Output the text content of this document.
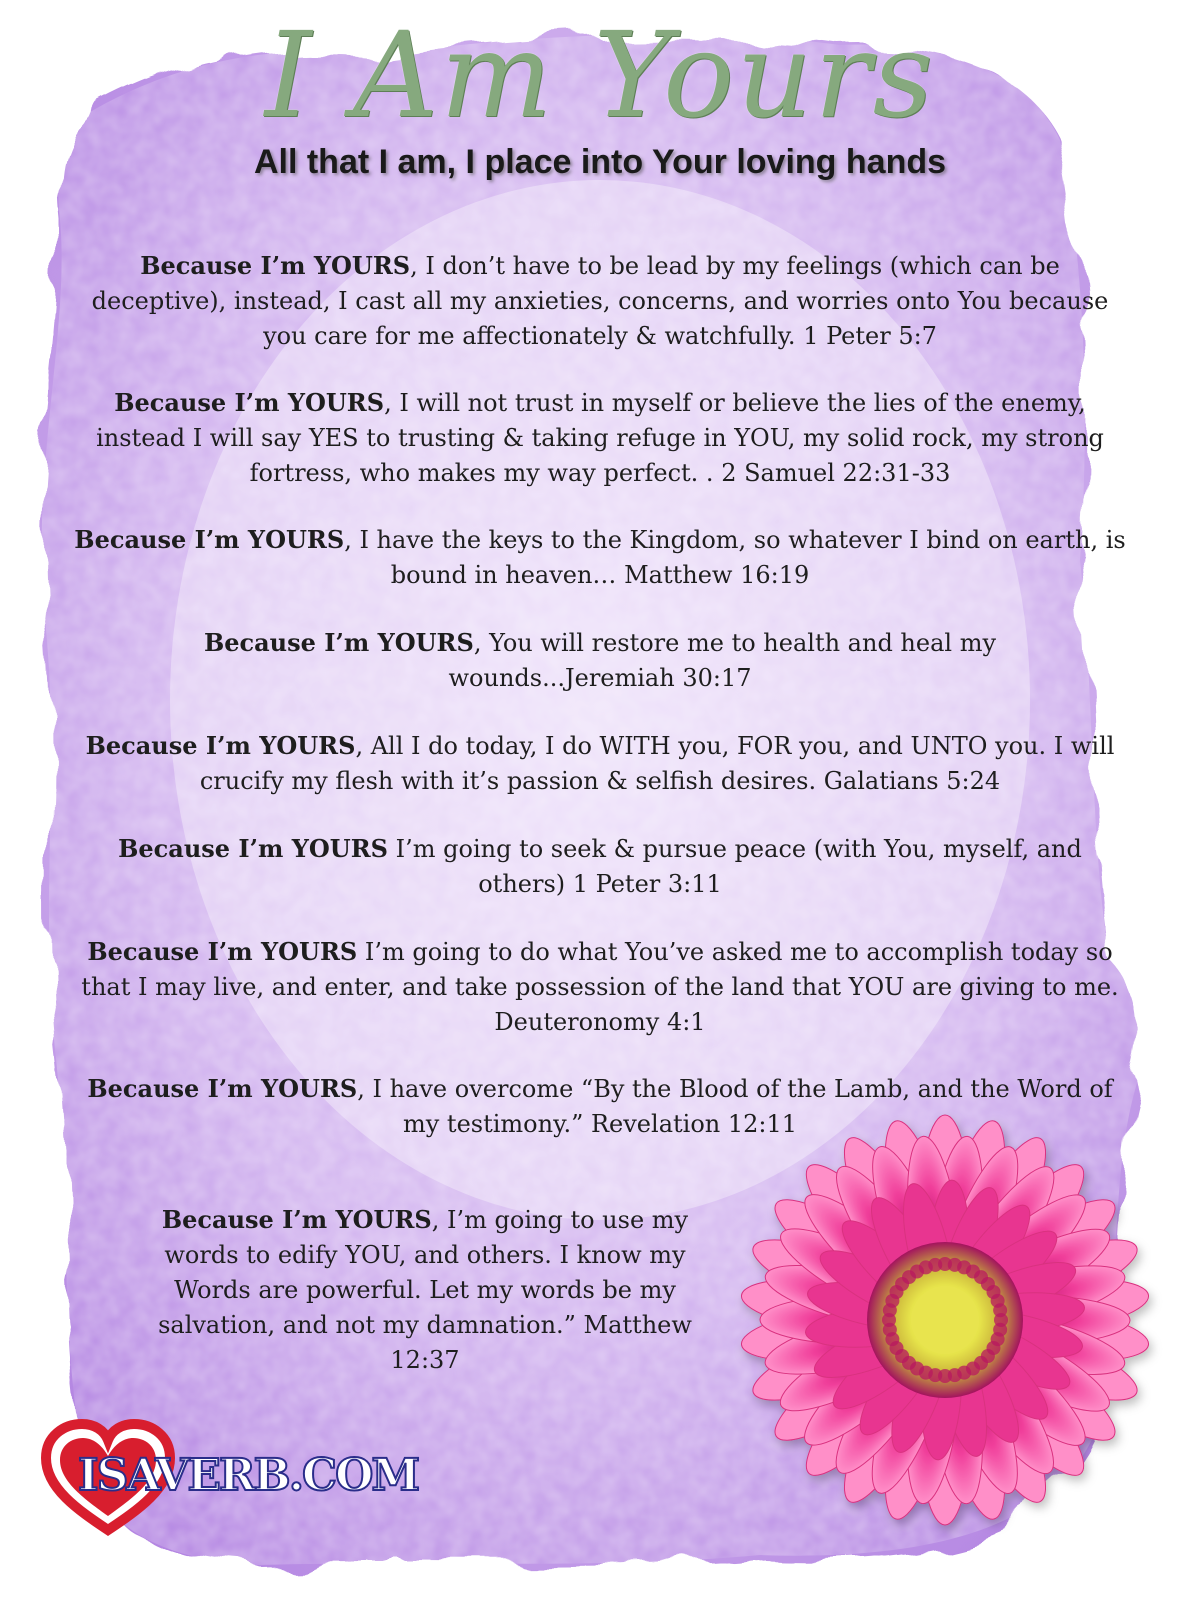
I Am Yours
All that I am, I place into Your loving hands
Because I’m YOURS, I don’t have to be lead by my feelings (which can be deceptive), instead, I cast all my anxieties, concerns, and worries onto You because you care for me affectionately & watchfully. 1 Peter 5:7
Because I’m YOURS, I will not trust in myself or believe the lies of the enemy, instead I will say YES to trusting & taking refuge in YOU, my solid rock, my strong fortress, who makes my way perfect. . 2 Samuel 22:31-33
Because I’m YOURS, I have the keys to the Kingdom, so whatever I bind on earth, is bound in heaven… Matthew 16:19
Because I’m YOURS, You will restore me to health and heal my wounds...Jeremiah 30:17
Because I’m YOURS, All I do today, I do WITH you, FOR you, and UNTO you. I will crucify my flesh with it’s passion & selfish desires. Galatians 5:24
Because I’m YOURS I’m going to seek & pursue peace (with You, myself, and others) 1 Peter 3:11
Because I’m YOURS I’m going to do what You’ve asked me to accomplish today so that I may live, and enter, and take possession of the land that YOU are giving to me. Deuteronomy 4:1
Because I’m YOURS, I have overcome “By the Blood of the Lamb, and the Word of my testimony.” Revelation 12:11
Because I’m YOURS, I’m going to use my words to edify YOU, and others. I know my Words are powerful. Let my words be my salvation, and not my damnation.” Matthew 12:37
ISAVERB.COM
